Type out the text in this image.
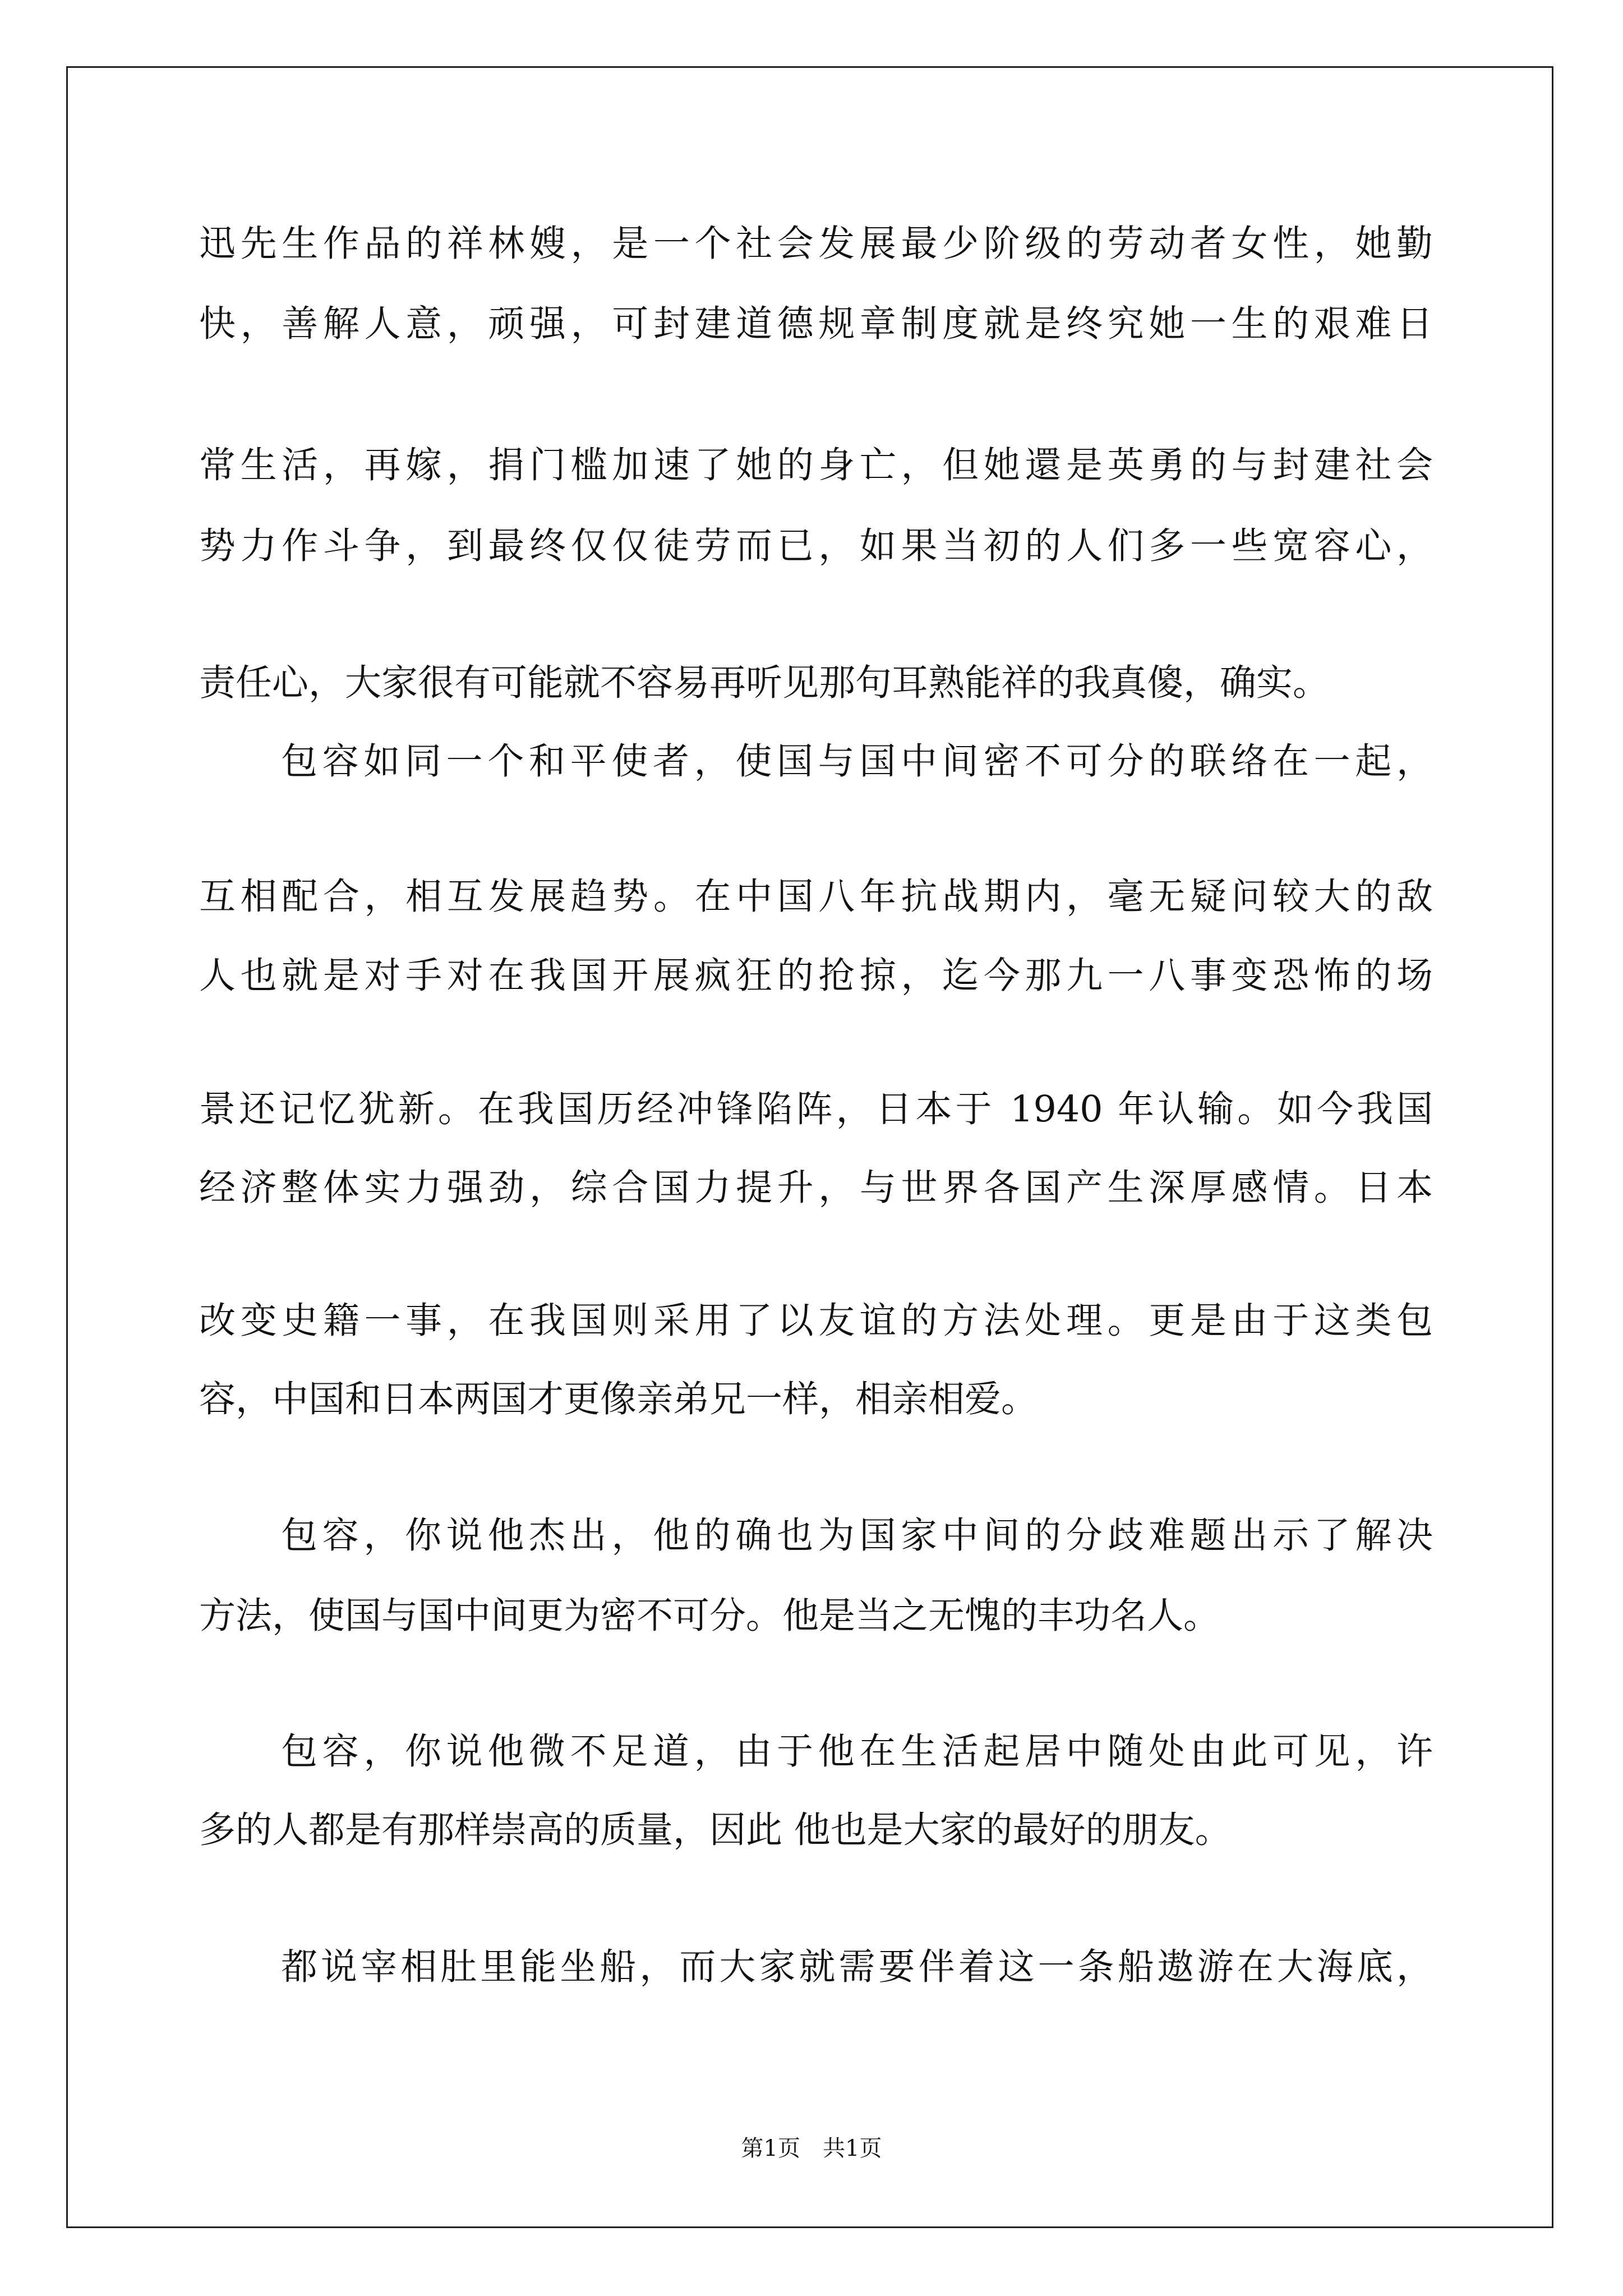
迅先生作品的祥林嫂，是一个社会发展最少阶级的劳动者女性，她勤
快，善解人意，顽强，可封建道德规章制度就是终究她一生的艰难日
常生活，再嫁，捐门槛加速了她的身亡，但她還是英勇的与封建社会
势力作斗争，到最终仅仅徒劳而已，如果当初的人们多一些宽容心，
责任心，大家很有可能就不容易再听见那句耳熟能祥的我真傻，确实。
包容如同一个和平使者，使国与国中间密不可分的联络在一起，
互相配合，相互发展趋势。在中国八年抗战期内，毫无疑问较大的敌
人也就是对手对在我国开展疯狂的抢掠，迄今那九一八事变恐怖的场
景还记忆犹新。在我国历经冲锋陷阵，日本于 1940 年认输。如今我国
经济整体实力强劲，综合国力提升，与世界各国产生深厚感情。日本
改变史籍一事，在我国则采用了以友谊的方法处理。更是由于这类包
容，中国和日本两国才更像亲弟兄一样，相亲相爱。
包容，你说他杰出，他的确也为国家中间的分歧难题出示了解决
方法，使国与国中间更为密不可分。他是当之无愧的丰功名人。
包容，你说他微不足道，由于他在生活起居中随处由此可见，许
多的人都是有那样崇高的质量，因此 他也是大家的最好的朋友。
都说宰相肚里能坐船，而大家就需要伴着这一条船遨游在大海底，
第1页　共1页
